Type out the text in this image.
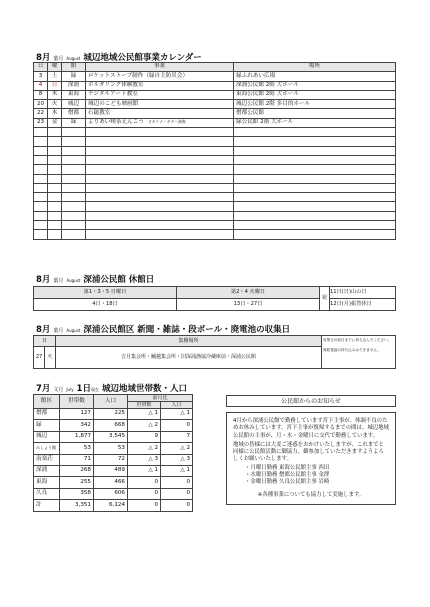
8月 葉月 August 城辺地域公民館事業カレンダー
日	曜	館	事業	場所
3	土	緑	ロケットストーブ制作（緑自主防災会）	緑ふれあい広場
4	日	深浦	ボルダリング体験教室	深浦公民館 2階 大ホール
8	木	東海	デジタルアート教室	東海公民館 2階 大ホール
20	火	城辺	城辺のこども映画館	城辺公民館 2階 多目的ホール
22	木	僧都	石鎚教室	僧都公民館
23	金	緑	よりあい喫茶えんこう オカリナ・ギター演奏	緑公民館 2階 大ホール

8月 葉月 August 深浦公民館 休館日
第1・3・5 日曜日	第2・4 火曜日	祝	11日(日)山の日
4日・18日	13日・27日		12日(月)振替休日
8月 葉月 August 深浦公民館区 新聞・雑誌・段ボール・廃電池の収集日
日		集積場所	収集日の前日までに持ち込んでください。
廃乾電池の持ち込みはできません。

27	火	吉月集会所・鯆越集会所・旧深浦漁協冷蔵庫前・深浦公民館	
7月 文月 July 1日現在 城辺地域世帯数・人口
館区	世帯数	人口	前月比	
			世帯数	人口
僧都	127	225	△ 1	△ 1
緑	342	668	△ 2	0
城辺	1,877	3,545	9	7
みしょう館	53	53	△ 2	△ 2
南楽荘	71	72	△ 3	△ 3
深浦	268	489	△ 1	△ 1
東海	255	466	0	0
久良	358	606	0	0
計	3,351	6,124	0	0
公民館からのお知らせ

4月から深浦公民館で勤務しています宮下主事が、体調不良のためお休みしています。宮下主事が復帰するまでの間は、城辺地域公民館の主事が、月・水・金曜日に交代で勤務しています。

地域の皆様には大変ご迷惑をおかけいたしますが、これまでと同様に公民館活動に御協力、御参加していただきますようよろしくお願いいたします。

・月曜日勤務 東海公民館主事 西田
・水曜日勤務 僧都公民館主事 金澤
・金曜日勤務 久良公民館主事 岩崎

※各種事業についても協力して実施します。
